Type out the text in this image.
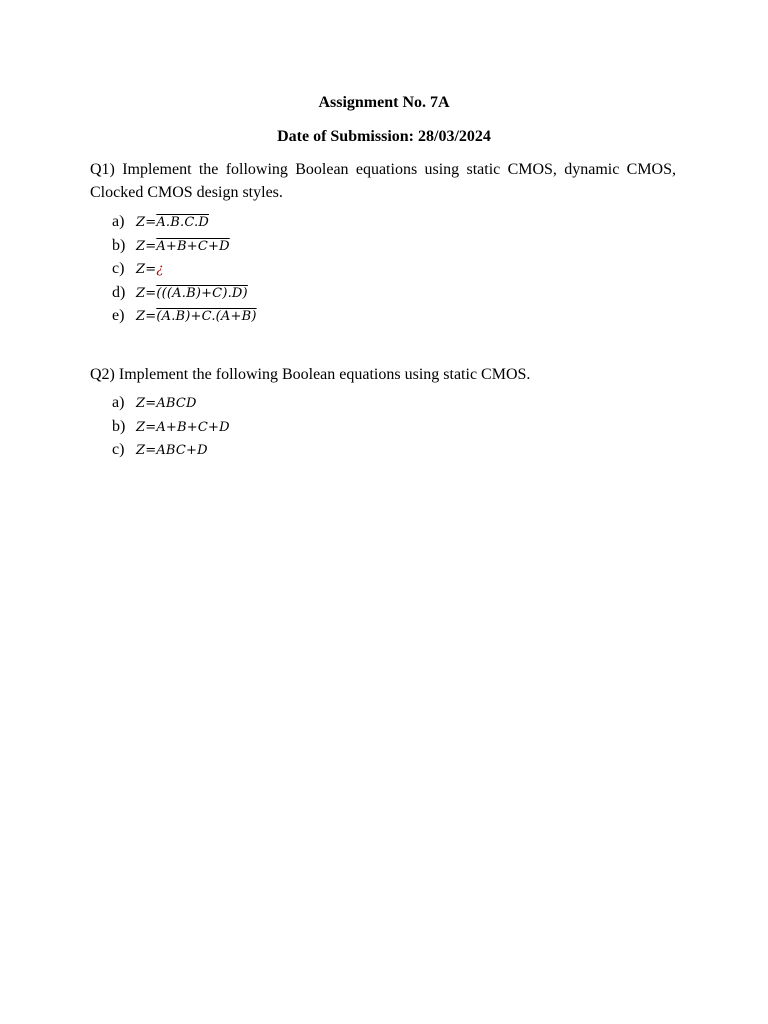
Assignment No. 7A
Date of Submission: 28/03/2024
Q1) Implement the following Boolean equations using static CMOS, dynamic CMOS, Clocked CMOS design styles.
a) Z=A.B.C.D
b) Z=A+B+C+D
c) Z=¿
d) Z=(((A.B)+C).D)
e) Z=(A.B)+C.(A+B)
Q2) Implement the following Boolean equations using static CMOS.
a) Z=ABCD
b) Z=A+B+C+D
c) Z=ABC+D
